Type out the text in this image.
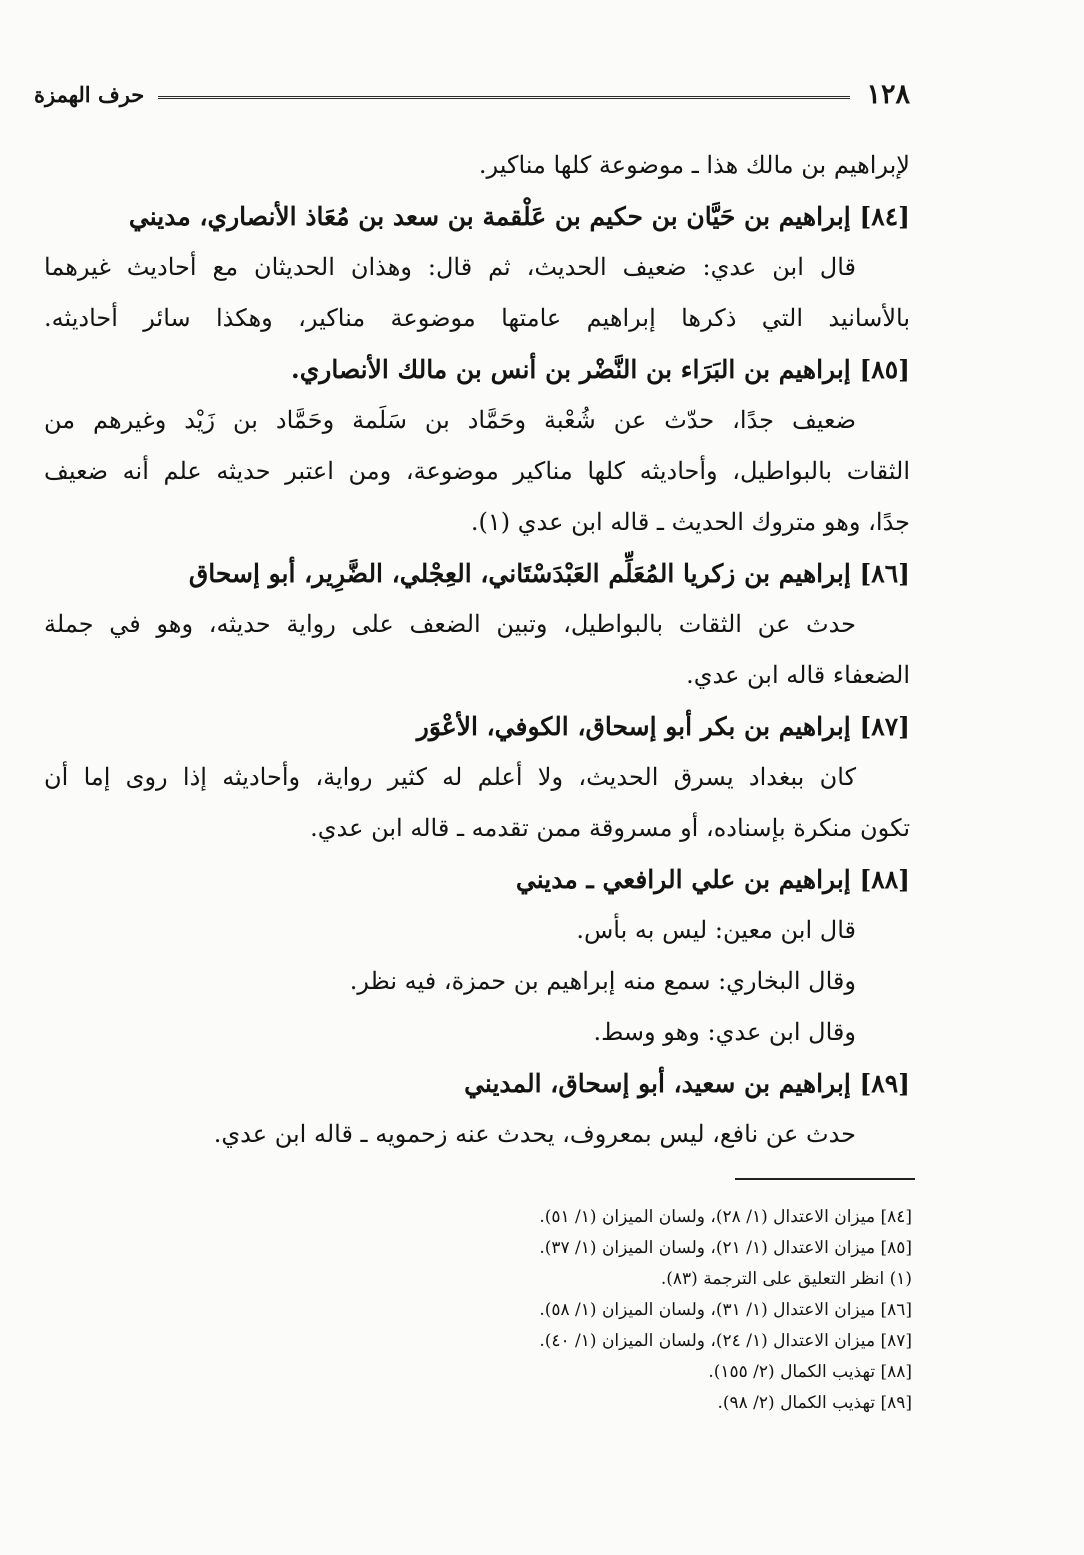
١٢٨
حرف الهمزة
لإبراهيم بن مالك هذا ـ موضوعة كلها مناكير.
[٨٤] إبراهيم بن حَيَّان بن حكيم بن عَلْقمة بن سعد بن مُعَاذ الأنصاري، مديني
قال ابن عدي: ضعيف الحديث، ثم قال: وهذان الحديثان مع أحاديث غيرهما
بالأسانيد التي ذكرها إبراهيم عامتها موضوعة مناكير، وهكذا سائر أحاديثه.
[٨٥] إبراهيم بن البَرَاء بن النَّضْر بن أنس بن مالك الأنصاري.
ضعيف جدًا، حدّث عن شُعْبة وحَمَّاد بن سَلَمة وحَمَّاد بن زَيْد وغيرهم من
الثقات بالبواطيل، وأحاديثه كلها مناكير موضوعة، ومن اعتبر حديثه علم أنه ضعيف
جدًا، وهو متروك الحديث ـ قاله ابن عدي (١).
[٨٦] إبراهيم بن زكريا المُعَلِّم العَبْدَسْتَاني، العِجْلي، الضَّرِير، أبو إسحاق
حدث عن الثقات بالبواطيل، وتبين الضعف على رواية حديثه، وهو في جملة
الضعفاء قاله ابن عدي.
[٨٧] إبراهيم بن بكر أبو إسحاق، الكوفي، الأعْوَر
كان ببغداد يسرق الحديث، ولا أعلم له كثير رواية، وأحاديثه إذا روى إما أن
تكون منكرة بإسناده، أو مسروقة ممن تقدمه ـ قاله ابن عدي.
[٨٨] إبراهيم بن علي الرافعي ـ مديني
قال ابن معين: ليس به بأس.
وقال البخاري: سمع منه إبراهيم بن حمزة، فيه نظر.
وقال ابن عدي: وهو وسط.
[٨٩] إبراهيم بن سعيد، أبو إسحاق، المديني
حدث عن نافع، ليس بمعروف، يحدث عنه زحمويه ـ قاله ابن عدي.
[٨٤] ميزان الاعتدال (١/ ٢٨)، ولسان الميزان (١/ ٥١).
[٨٥] ميزان الاعتدال (١/ ٢١)، ولسان الميزان (١/ ٣٧).
(١) انظر التعليق على الترجمة (٨٣).
[٨٦] ميزان الاعتدال (١/ ٣١)، ولسان الميزان (١/ ٥٨).
[٨٧] ميزان الاعتدال (١/ ٢٤)، ولسان الميزان (١/ ٤٠).
[٨٨] تهذيب الكمال (٢/ ١٥٥).
[٨٩] تهذيب الكمال (٢/ ٩٨).
